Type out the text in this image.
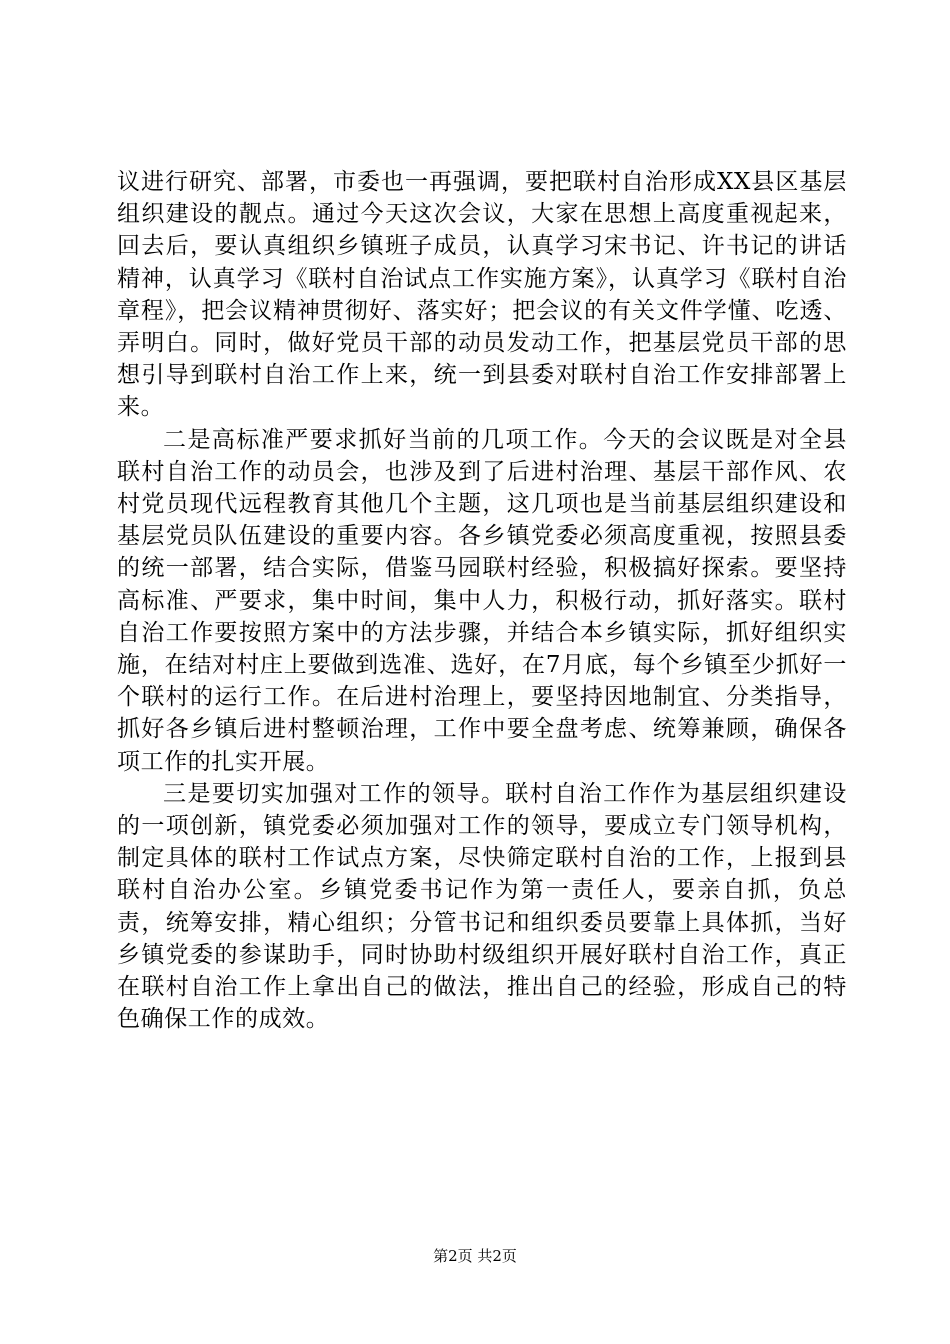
议进行研究、部署，市委也一再强调，要把联村自治形成XX县区基层组织建设的靓点。通过今天这次会议，大家在思想上高度重视起来，回去后，要认真组织乡镇班子成员，认真学习宋书记、许书记的讲话精神，认真学习《联村自治试点工作实施方案》，认真学习《联村自治章程》，把会议精神贯彻好、落实好；把会议的有关文件学懂、吃透、弄明白。同时，做好党员干部的动员发动工作，把基层党员干部的思想引导到联村自治工作上来，统一到县委对联村自治工作安排部署上来。

二是高标准严要求抓好当前的几项工作。今天的会议既是对全县联村自治工作的动员会，也涉及到了后进村治理、基层干部作风、农村党员现代远程教育其他几个主题，这几项也是当前基层组织建设和基层党员队伍建设的重要内容。各乡镇党委必须高度重视，按照县委的统一部署，结合实际，借鉴马园联村经验，积极搞好探索。要坚持高标准、严要求，集中时间，集中人力，积极行动，抓好落实。联村自治工作要按照方案中的方法步骤，并结合本乡镇实际，抓好组织实施，在结对村庄上要做到选准、选好，在7月底，每个乡镇至少抓好一个联村的运行工作。在后进村治理上，要坚持因地制宜、分类指导，抓好各乡镇后进村整顿治理，工作中要全盘考虑、统筹兼顾，确保各项工作的扎实开展。

三是要切实加强对工作的领导。联村自治工作作为基层组织建设的一项创新，镇党委必须加强对工作的领导，要成立专门领导机构，制定具体的联村工作试点方案，尽快筛定联村自治的工作，上报到县联村自治办公室。乡镇党委书记作为第一责任人，要亲自抓，负总责，统筹安排，精心组织；分管书记和组织委员要靠上具体抓，当好乡镇党委的参谋助手，同时协助村级组织开展好联村自治工作，真正在联村自治工作上拿出自己的做法，推出自己的经验，形成自己的特色确保工作的成效。

第2页 共2页
